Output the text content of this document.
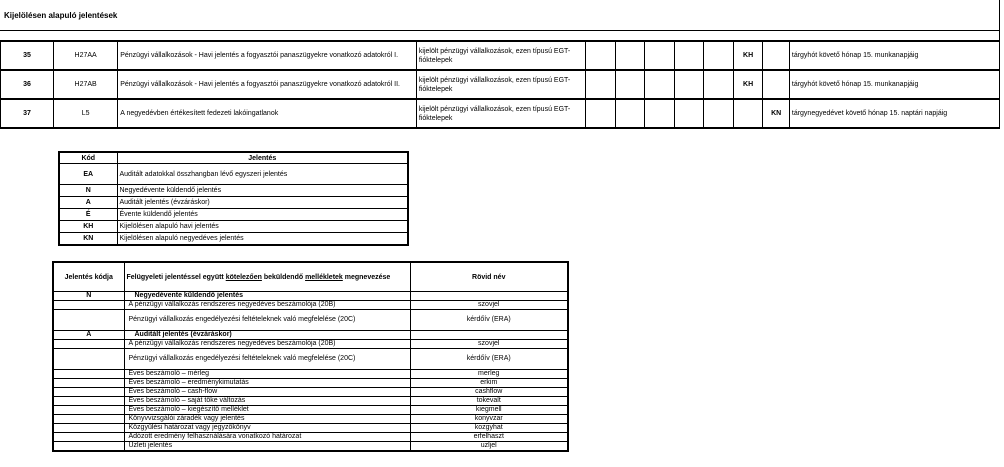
Kijelölésen alapuló jelentések
35	H27AA	Pénzügyi vállalkozások - Havi jelentés a fogyasztói panaszügyekre vonatkozó adatokról I.	kijelölt pénzügyi vállalkozások, ezen típusú EGT-fióktelepek						KH		tárgyhót követő hónap 15. munkanapjáig
36	H27AB	Pénzügyi vállalkozások - Havi jelentés a fogyasztói panaszügyekre vonatkozó adatokról II.	kijelölt pénzügyi vállalkozások, ezen típusú EGT-fióktelepek						KH		tárgyhót követő hónap 15. munkanapjáig
37	L5	A negyedévben értékesített fedezeti lakóingatlanok	kijelölt pénzügyi vállalkozások, ezen típusú EGT-fióktelepek							KN	tárgynegyedévet követő hónap 15. naptári napjáig
Kód	Jelentés
EA	Auditált adatokkal összhangban lévő egyszeri jelentés
N	Negyedévente küldendő jelentés
A	Auditált jelentés (évzáráskor)
É	Évente küldendő jelentés
KH	Kijelölésen alapuló havi jelentés
KN	Kijelölésen alapuló negyedéves jelentés
Jelentés kódja	Felügyeleti jelentéssel együtt kötelezően beküldendő mellékletek megnevezése	Rövid név
N	Negyedévente küldendő jelentés	
	A pénzügyi vállalkozás rendszeres negyedéves beszámolója (20B)	szovjel
	Pénzügyi vállalkozás engedélyezési feltételeknek való megfelelése (20C)	kérdőív (ERA)
A	Auditált jelentés (évzáráskor)	
	A pénzügyi vállalkozás rendszeres negyedéves beszámolója (20B)	szovjel
	Pénzügyi vállalkozás engedélyezési feltételeknek való megfelelése (20C)	kérdőív (ERA)
	Éves beszámoló – mérleg	merleg
	Éves beszámoló – eredménykimutatás	erkim
	Éves beszámoló – cash-flow	cashflow
	Éves beszámoló – saját tőke változás	tokevalt
	Éves beszámoló – kiegészítő melléklet	kiegmell
	Könyvvizsgálói záradék vagy jelentés	konyvzar
	Közgyűlési határozat vagy jegyzőkönyv	kozgyhat
	Adózott eredmény felhasználására vonatkozó határozat	erfelhaszt
	Üzleti jelentés	uzljel
